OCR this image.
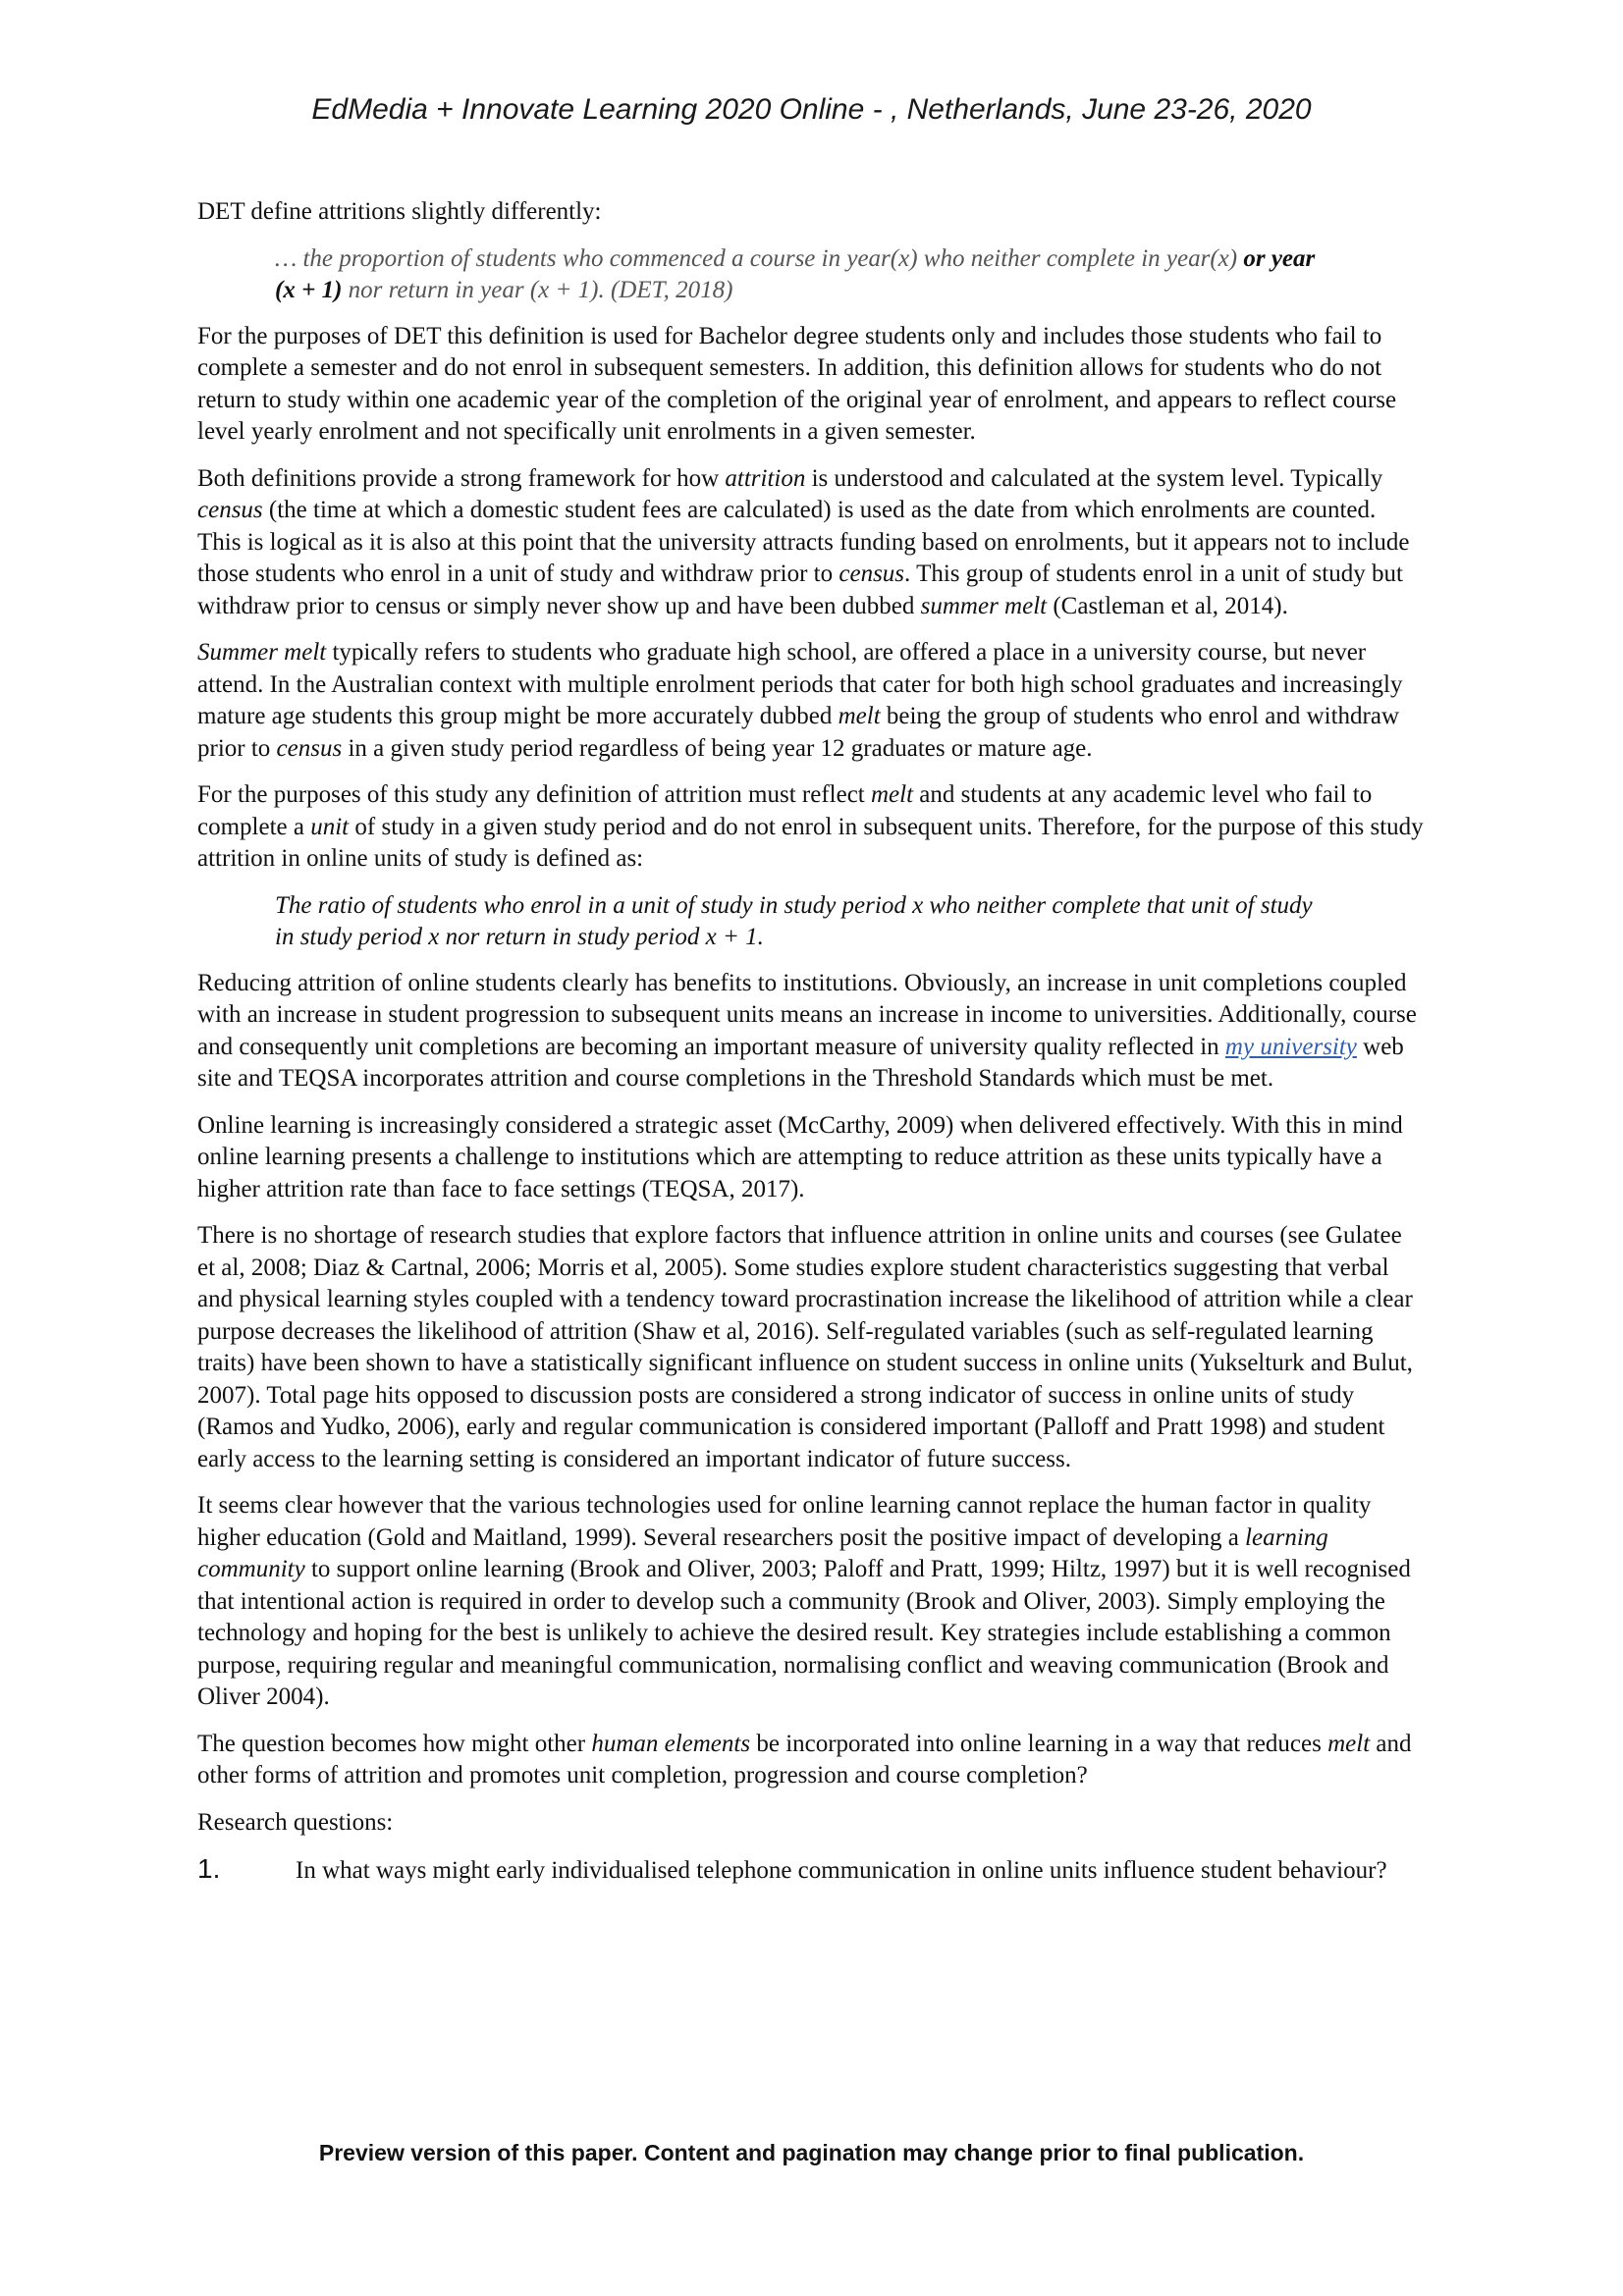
EdMedia + Innovate Learning 2020 Online - , Netherlands, June 23-26, 2020

DET define attritions slightly differently:

… the proportion of students who commenced a course in year(x) who neither complete in year(x) or year (x + 1) nor return in year (x + 1). (DET, 2018)

For the purposes of DET this definition is used for Bachelor degree students only and includes those students who fail to complete a semester and do not enrol in subsequent semesters. In addition, this definition allows for students who do not return to study within one academic year of the completion of the original year of enrolment, and appears to reflect course level yearly enrolment and not specifically unit enrolments in a given semester.

Both definitions provide a strong framework for how attrition is understood and calculated at the system level. Typically census (the time at which a domestic student fees are calculated) is used as the date from which enrolments are counted. This is logical as it is also at this point that the university attracts funding based on enrolments, but it appears not to include those students who enrol in a unit of study and withdraw prior to census. This group of students enrol in a unit of study but withdraw prior to census or simply never show up and have been dubbed summer melt (Castleman et al, 2014).

Summer melt typically refers to students who graduate high school, are offered a place in a university course, but never attend. In the Australian context with multiple enrolment periods that cater for both high school graduates and increasingly mature age students this group might be more accurately dubbed melt being the group of students who enrol and withdraw prior to census in a given study period regardless of being year 12 graduates or mature age.

For the purposes of this study any definition of attrition must reflect melt and students at any academic level who fail to complete a unit of study in a given study period and do not enrol in subsequent units. Therefore, for the purpose of this study attrition in online units of study is defined as:

The ratio of students who enrol in a unit of study in study period x who neither complete that unit of study in study period x nor return in study period x + 1.

Reducing attrition of online students clearly has benefits to institutions. Obviously, an increase in unit completions coupled with an increase in student progression to subsequent units means an increase in income to universities. Additionally, course and consequently unit completions are becoming an important measure of university quality reflected in my university web site and TEQSA incorporates attrition and course completions in the Threshold Standards which must be met.

Online learning is increasingly considered a strategic asset (McCarthy, 2009) when delivered effectively. With this in mind online learning presents a challenge to institutions which are attempting to reduce attrition as these units typically have a higher attrition rate than face to face settings (TEQSA, 2017).

There is no shortage of research studies that explore factors that influence attrition in online units and courses (see Gulatee et al, 2008; Diaz & Cartnal, 2006; Morris et al, 2005). Some studies explore student characteristics suggesting that verbal and physical learning styles coupled with a tendency toward procrastination increase the likelihood of attrition while a clear purpose decreases the likelihood of attrition (Shaw et al, 2016). Self-regulated variables (such as self-regulated learning traits) have been shown to have a statistically significant influence on student success in online units (Yukselturk and Bulut, 2007). Total page hits opposed to discussion posts are considered a strong indicator of success in online units of study (Ramos and Yudko, 2006), early and regular communication is considered important (Palloff and Pratt 1998) and student early access to the learning setting is considered an important indicator of future success.

It seems clear however that the various technologies used for online learning cannot replace the human factor in quality higher education (Gold and Maitland, 1999). Several researchers posit the positive impact of developing a learning community to support online learning (Brook and Oliver, 2003; Paloff and Pratt, 1999; Hiltz, 1997) but it is well recognised that intentional action is required in order to develop such a community (Brook and Oliver, 2003). Simply employing the technology and hoping for the best is unlikely to achieve the desired result. Key strategies include establishing a common purpose, requiring regular and meaningful communication, normalising conflict and weaving communication (Brook and Oliver 2004).

The question becomes how might other human elements be incorporated into online learning in a way that reduces melt and other forms of attrition and promotes unit completion, progression and course completion?

Research questions:

1.	In what ways might early individualised telephone communication in online units influence student behaviour?

Preview version of this paper. Content and pagination may change prior to final publication.
